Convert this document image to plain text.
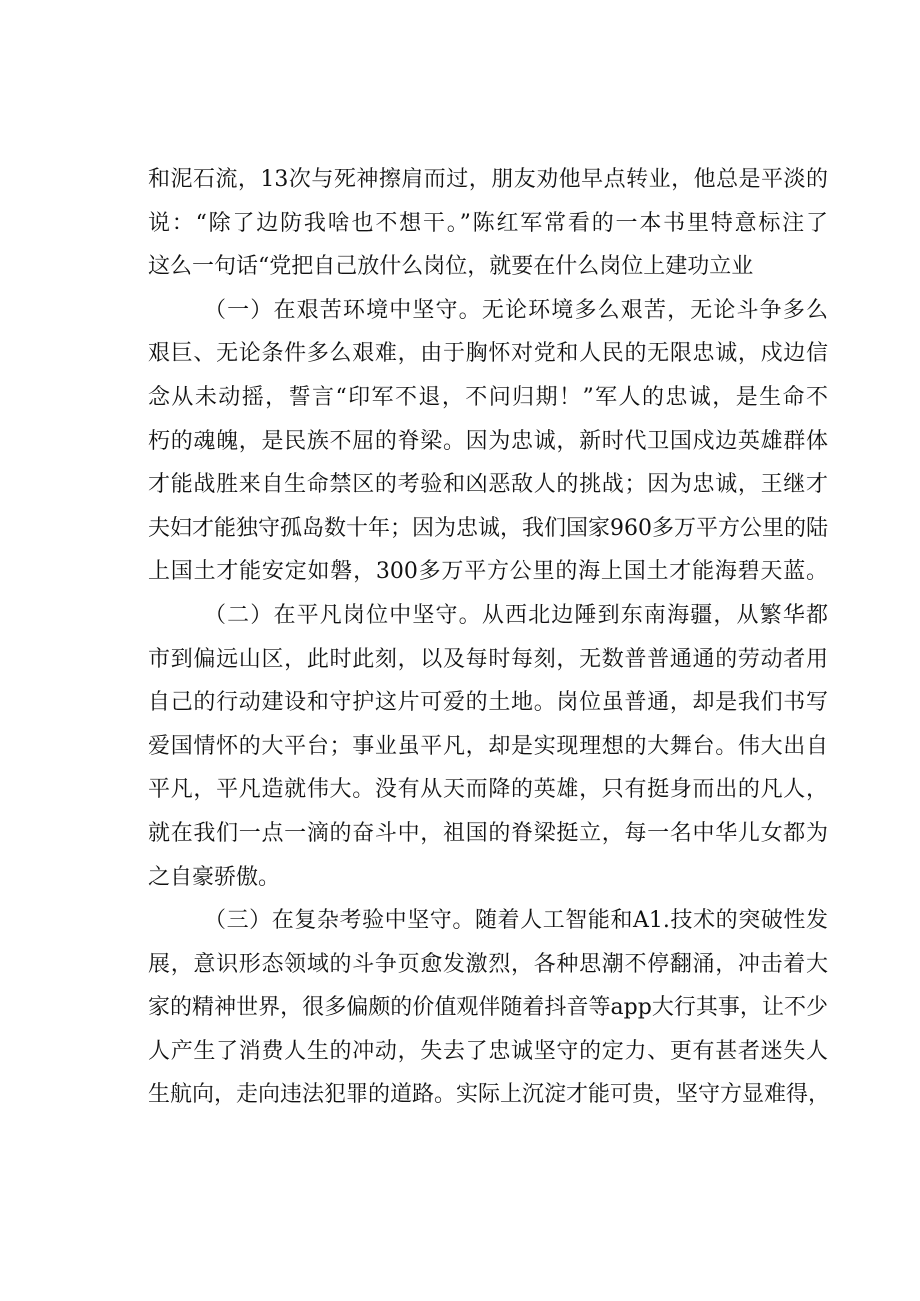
和泥石流，13次与死神擦肩而过，朋友劝他早点转业，他总是平淡的
说：“除了边防我啥也不想干。”陈红军常看的一本书里特意标注了
这么一句话“党把自己放什么岗位，就要在什么岗位上建功立业

（一）在艰苦环境中坚守。无论环境多么艰苦，无论斗争多么
艰巨、无论条件多么艰难，由于胸怀对党和人民的无限忠诚，戍边信
念从未动摇，誓言“印军不退，不问归期！”军人的忠诚，是生命不
朽的魂魄，是民族不屈的脊梁。因为忠诚，新时代卫国戍边英雄群体
才能战胜来自生命禁区的考验和凶恶敌人的挑战；因为忠诚，王继才
夫妇才能独守孤岛数十年；因为忠诚，我们国家960多万平方公里的陆
上国土才能安定如磐，300多万平方公里的海上国土才能海碧天蓝。

（二）在平凡岗位中坚守。从西北边陲到东南海疆，从繁华都
市到偏远山区，此时此刻，以及每时每刻，无数普普通通的劳动者用
自己的行动建设和守护这片可爱的土地。岗位虽普通，却是我们书写
爱国情怀的大平台；事业虽平凡，却是实现理想的大舞台。伟大出自
平凡，平凡造就伟大。没有从天而降的英雄，只有挺身而出的凡人，
就在我们一点一滴的奋斗中，祖国的脊梁挺立，每一名中华儿女都为
之自豪骄傲。

（三）在复杂考验中坚守。随着人工智能和A1.技术的突破性发
展，意识形态领域的斗争页愈发激烈，各种思潮不停翻涌，冲击着大
家的精神世界，很多偏颇的价值观伴随着抖音等app大行其事，让不少
人产生了消费人生的冲动，失去了忠诚坚守的定力、更有甚者迷失人
生航向，走向违法犯罪的道路。实际上沉淀才能可贵，坚守方显难得，
